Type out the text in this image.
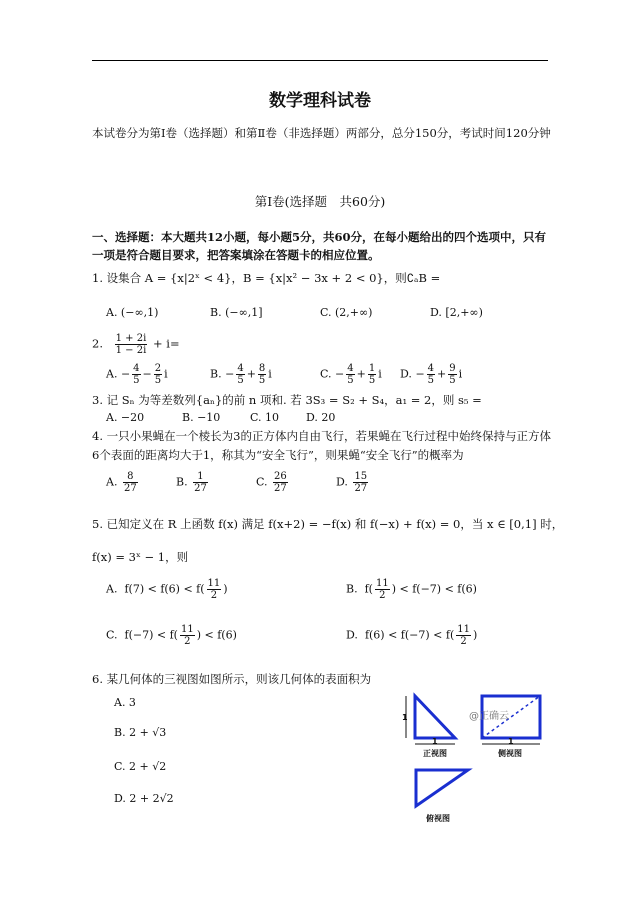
数学理科试卷
本试卷分为第Ⅰ卷（选择题）和第Ⅱ卷（非选择题）两部分，总分150分，考试时间120分钟
第Ⅰ卷(选择题　共60分)
一、选择题：本大题共12小题，每小题5分，共60分，在每小题给出的四个选项中，只有一项是符合题目要求，把答案填涂在答题卡的相应位置。
1. 设集合 A = {x|2ˣ < 4}，B = {x|x² − 3x + 2 < 0}，则∁ₐB =
A. (−∞,1)	B. (−∞,1]	C. (2,+∞)	D. [2,+∞)
2. $\frac{1 + 2i}{1 - 2i} + i=$
A. − $\frac{4}{5} - \frac{2}{5}$ i	B. − $\frac{4}{5} + \frac{8}{5}$ i	C. − $\frac{4}{5} + \frac{1}{5}$ i D. − $\frac{4}{5} + \frac{9}{5}$ i
3. 记 Sₙ 为等差数列{aₙ}的前 n 项和. 若 3S₃ = S₂ + S₄，a₁ = 2，则 s₅ =
A. −20	B. −10	C. 10 D. 20
4. 一只小果蝇在一个棱长为3的正方体内自由飞行，若果蝇在飞行过程中始终保持与正方体
6个表面的距离均大于1，称其为“安全飞行”，则果蝇“安全飞行”的概率为
A. $\frac{8}{27}$	B. $\frac{1}{27}$	C. $\frac{26}{27}$	D. $\frac{15}{27}$
5. 已知定义在 R 上函数 f(x) 满足 f(x+2) = −f(x) 和 f(−x) + f(x) = 0，当 x ∈ [0,1] 时，
f(x) = 3ˣ − 1，则
A. $f(7) < f(6) < f( \frac{11}{2}$ )	B. $f( \frac{11}{2}$ ) < f(−7) < f(6)
C. $f(-7) < f( \frac{11}{2}$ ) < f(6)	D. $f(6) < f(-7) < f( \frac{11}{2}$ )
6. 某几何体的三视图如图所示，则该几何体的表面积为
A. 3
B. 2 + √3
C. 2 + √2
D. 2 + 2√2
1
1	1
正视图	侧视图
俯视图
@正确云
